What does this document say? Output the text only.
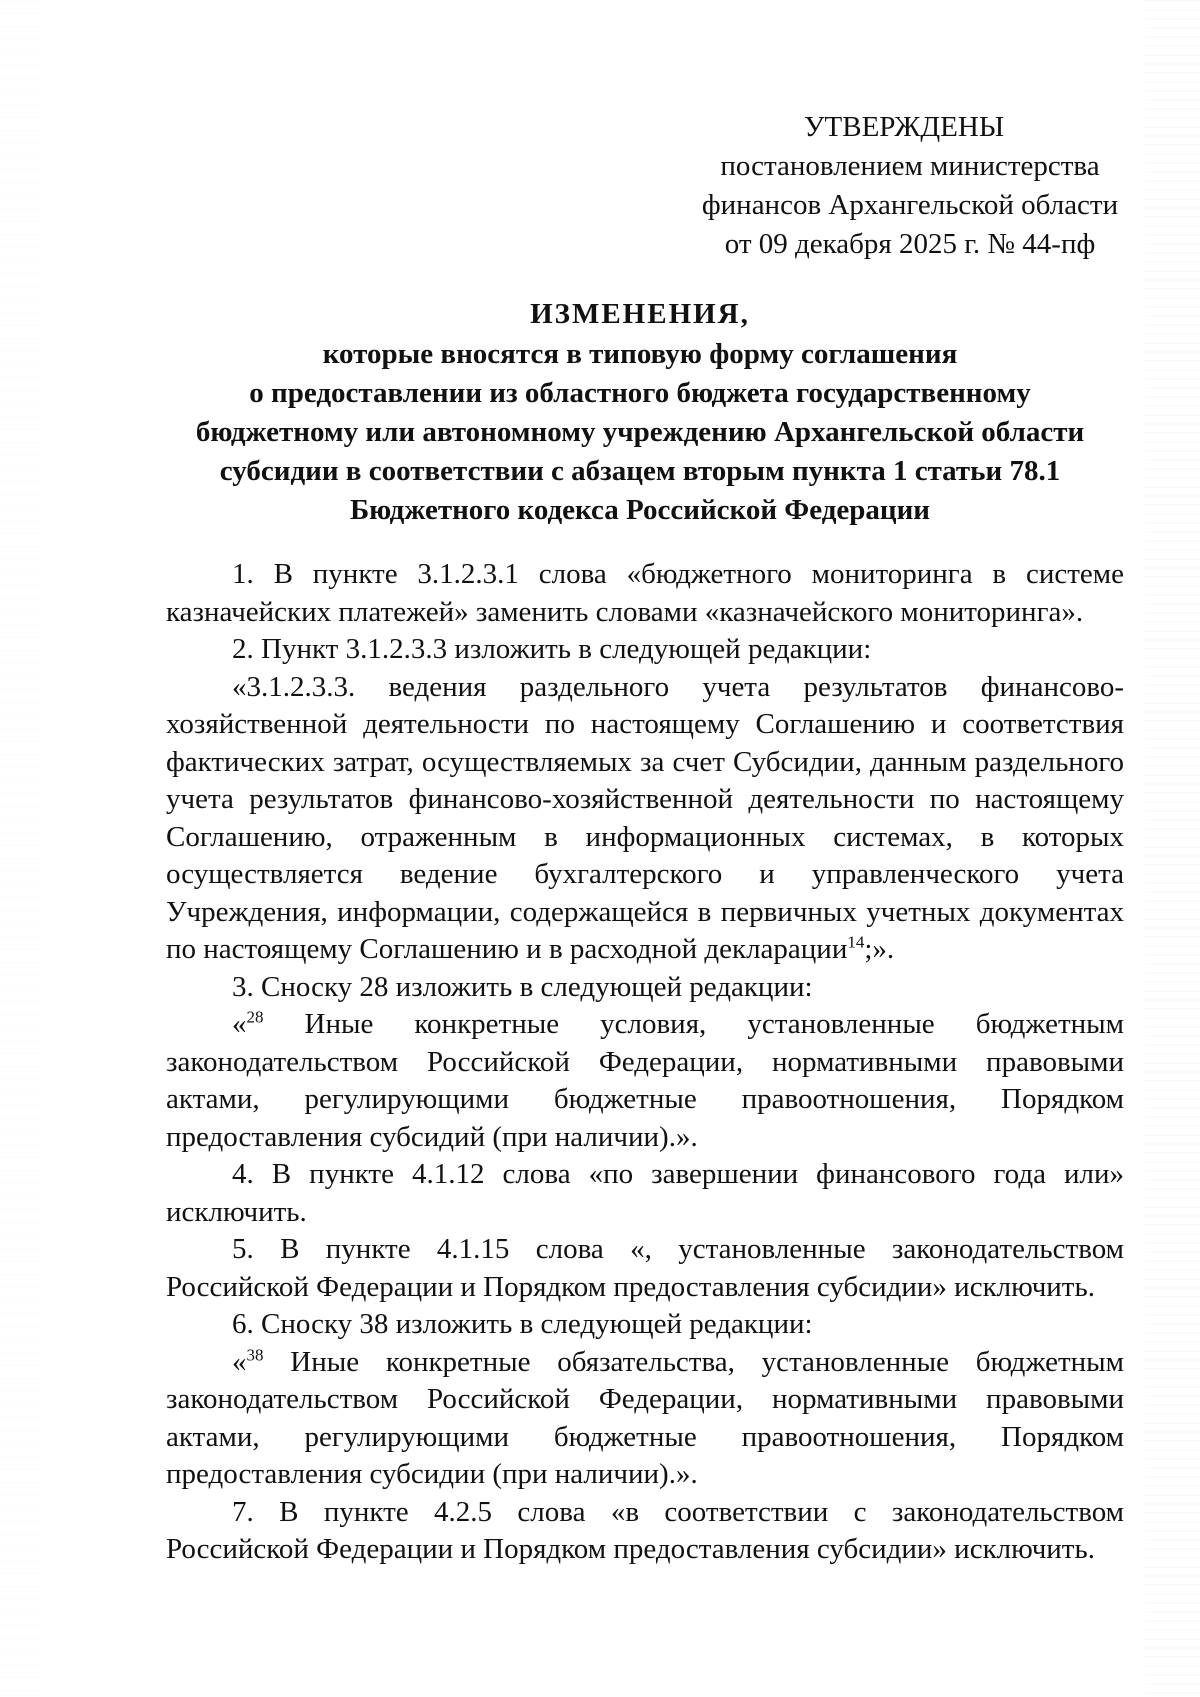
УТВЕРЖДЕНЫ
постановлением министерства
финансов Архангельской области
от 09 декабря 2025 г. № 44-пф
ИЗМЕНЕНИЯ,
которые вносятся в типовую форму соглашения
о предоставлении из областного бюджета государственному
бюджетному или автономному учреждению Архангельской области
субсидии в соответствии с абзацем вторым пункта 1 статьи 78.1
Бюджетного кодекса Российской Федерации

1. В пункте 3.1.2.3.1 слова «бюджетного мониторинга в системе казначейских платежей» заменить словами «казначейского мониторинга».

2. Пункт 3.1.2.3.3 изложить в следующей редакции:

«3.1.2.3.3. ведения раздельного учета результатов финансово-хозяйственной деятельности по настоящему Соглашению и соответствия фактических затрат, осуществляемых за счет Субсидии, данным раздельного учета результатов финансово-хозяйственной деятельности по настоящему Соглашению, отраженным в информационных системах, в которых осуществляется ведение бухгалтерского и управленческого учета Учреждения, информации, содержащейся в первичных учетных документах по настоящему Соглашению и в расходной декларации$^{14}$;».

3. Сноску 28 изложить в следующей редакции:

«$^{28}$ Иные конкретные условия, установленные бюджетным законодательством Российской Федерации, нормативными правовыми актами, регулирующими бюджетные правоотношения, Порядком предоставления субсидий (при наличии).».

4. В пункте 4.1.12 слова «по завершении финансового года или» исключить.

5. В пункте 4.1.15 слова «, установленные законодательством Российской Федерации и Порядком предоставления субсидии» исключить.

6. Сноску 38 изложить в следующей редакции:

«$^{38}$ Иные конкретные обязательства, установленные бюджетным законодательством Российской Федерации, нормативными правовыми актами, регулирующими бюджетные правоотношения, Порядком предоставления субсидии (при наличии).».

7. В пункте 4.2.5 слова «в соответствии с законодательством Российской Федерации и Порядком предоставления субсидии» исключить.
